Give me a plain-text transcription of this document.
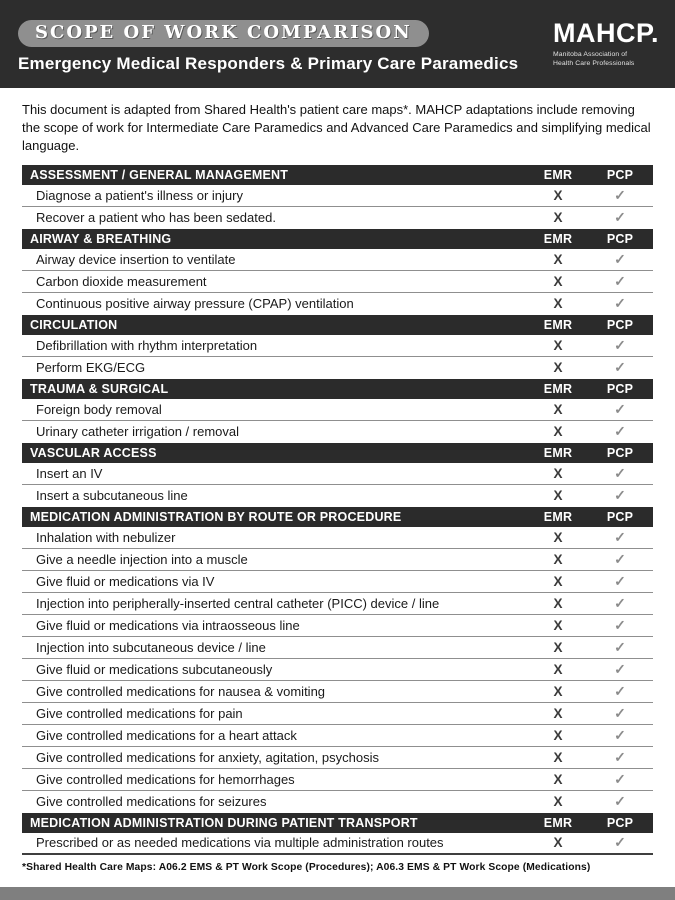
SCOPE OF WORK COMPARISON
Emergency Medical Responders & Primary Care Paramedics
MAHCP.
Manitoba Association of
Health Care Professionals

This document is adapted from Shared Health's patient care maps*. MAHCP adaptations include removing the scope of work for Intermediate Care Paramedics and Advanced Care Paramedics and simplifying medical language.

ASSESSMENT / GENERAL MANAGEMENT	EMR	PCP
Diagnose a patient's illness or injury	X	✓
Recover a patient who has been sedated.	X	✓
AIRWAY & BREATHING	EMR	PCP
Airway device insertion to ventilate	X	✓
Carbon dioxide measurement	X	✓
Continuous positive airway pressure (CPAP) ventilation	X	✓
CIRCULATION	EMR	PCP
Defibrillation with rhythm interpretation	X	✓
Perform EKG/ECG	X	✓
TRAUMA & SURGICAL	EMR	PCP
Foreign body removal	X	✓
Urinary catheter irrigation / removal	X	✓
VASCULAR ACCESS	EMR	PCP
Insert an IV	X	✓
Insert a subcutaneous line	X	✓
MEDICATION ADMINISTRATION BY ROUTE OR PROCEDURE	EMR	PCP
Inhalation with nebulizer	X	✓
Give a needle injection into a muscle	X	✓
Give fluid or medications via IV	X	✓
Injection into peripherally-inserted central catheter (PICC) device / line	X	✓
Give fluid or medications via intraosseous line	X	✓
Injection into subcutaneous device / line	X	✓
Give fluid or medications subcutaneously	X	✓
Give controlled medications for nausea & vomiting	X	✓
Give controlled medications for pain	X	✓
Give controlled medications for a heart attack	X	✓
Give controlled medications for anxiety, agitation, psychosis	X	✓
Give controlled medications for hemorrhages	X	✓
Give controlled medications for seizures	X	✓
MEDICATION ADMINISTRATION DURING PATIENT TRANSPORT	EMR	PCP
Prescribed or as needed medications via multiple administration routes	X	✓

*Shared Health Care Maps: A06.2 EMS & PT Work Scope (Procedures); A06.3 EMS & PT Work Scope (Medications)
